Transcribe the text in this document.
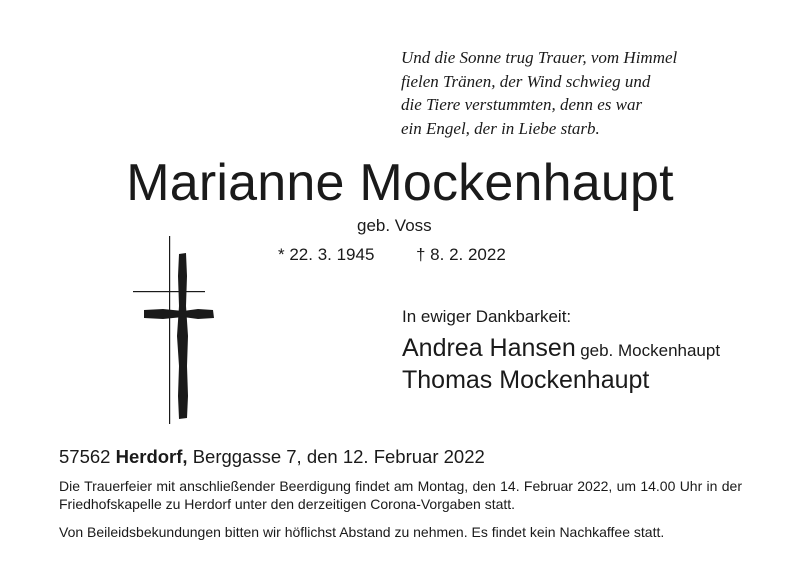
Und die Sonne trug Trauer, vom Himmel
fielen Tränen, der Wind schwieg und
die Tiere verstummten, denn es war
ein Engel, der in Liebe starb.
Marianne Mockenhaupt
geb. Voss
* 22. 3. 1945 † 8. 2. 2022
In ewiger Dankbarkeit:
Andrea Hansen geb. Mockenhaupt
Thomas Mockenhaupt
57562 Herdorf, Berggasse 7, den 12. Februar 2022
Die Trauerfeier mit anschließender Beerdigung findet am Montag, den 14. Februar 2022, um 14.00 Uhr in der Friedhofskapelle zu Herdorf unter den derzeitigen Corona-Vorgaben statt.
Von Beileidsbekundungen bitten wir höflichst Abstand zu nehmen. Es findet kein Nachkaffee statt.
